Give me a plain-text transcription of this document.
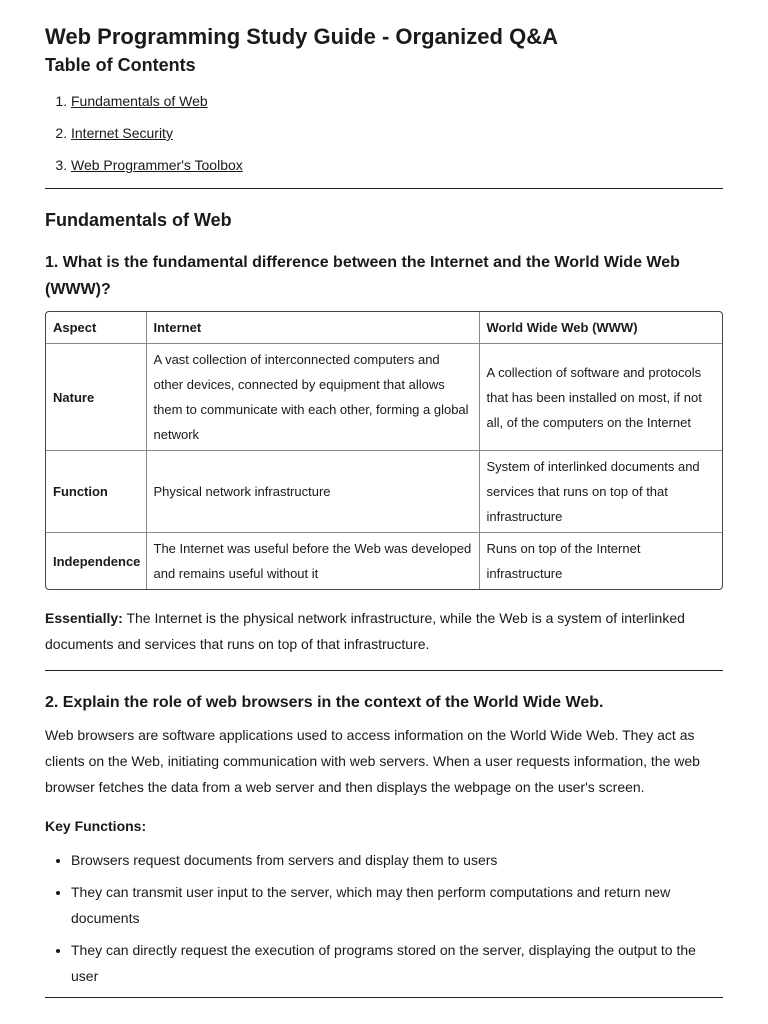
Web Programming Study Guide - Organized Q&A
Table of Contents
1. Fundamentals of Web
2. Internet Security
3. Web Programmer's Toolbox
Fundamentals of Web
1. What is the fundamental difference between the Internet and the World Wide Web (WWW)?
Aspect	Internet	World Wide Web (WWW)
Nature	A vast collection of interconnected computers and other devices, connected by equipment that allows them to communicate with each other, forming a global network	A collection of software and protocols that has been installed on most, if not all, of the computers on the Internet
Function	Physical network infrastructure	System of interlinked documents and services that runs on top of that infrastructure
Independence	The Internet was useful before the Web was developed and remains useful without it	Runs on top of the Internet infrastructure

Essentially: The Internet is the physical network infrastructure, while the Web is a system of interlinked documents and services that runs on top of that infrastructure.

2. Explain the role of web browsers in the context of the World Wide Web.

Web browsers are software applications used to access information on the World Wide Web. They act as clients on the Web, initiating communication with web servers. When a user requests information, the web browser fetches the data from a web server and then displays the webpage on the user's screen.

Key Functions:

• Browsers request documents from servers and display them to users
• They can transmit user input to the server, which may then perform computations and return new documents
• They can directly request the execution of programs stored on the server, displaying the output to the user
